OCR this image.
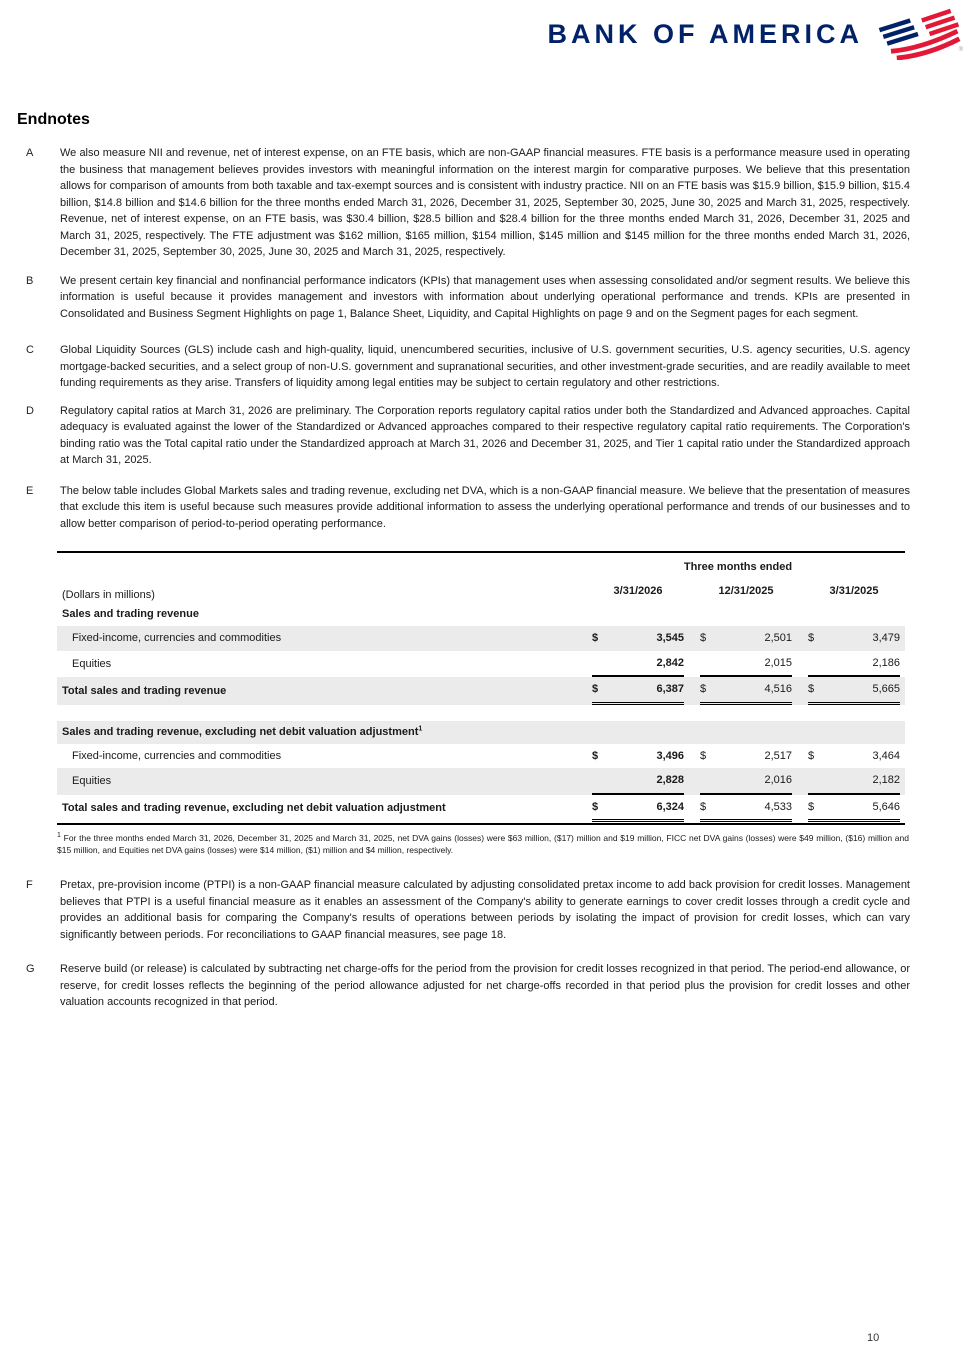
BANK OF AMERICA
®
Endnotes
A	We also measure NII and revenue, net of interest expense, on an FTE basis, which are non-GAAP financial measures. FTE basis is a performance measure used in operating the business that management believes provides investors with meaningful information on the interest margin for comparative purposes. We believe that this presentation allows for comparison of amounts from both taxable and tax-exempt sources and is consistent with industry practice. NII on an FTE basis was $15.9 billion, $15.9 billion, $15.4 billion, $14.8 billion and $14.6 billion for the three months ended March 31, 2026, December 31, 2025, September 30, 2025, June 30, 2025 and March 31, 2025, respectively. Revenue, net of interest expense, on an FTE basis, was $30.4 billion, $28.5 billion and $28.4 billion for the three months ended March 31, 2026, December 31, 2025 and March 31, 2025, respectively. The FTE adjustment was $162 million, $165 million, $154 million, $145 million and $145 million for the three months ended March 31, 2026, December 31, 2025, September 30, 2025, June 30, 2025 and March 31, 2025, respectively.
B	We present certain key financial and nonfinancial performance indicators (KPIs) that management uses when assessing consolidated and/or segment results. We believe this information is useful because it provides management and investors with information about underlying operational performance and trends. KPIs are presented in Consolidated and Business Segment Highlights on page 1, Balance Sheet, Liquidity, and Capital Highlights on page 9 and on the Segment pages for each segment.
C	Global Liquidity Sources (GLS) include cash and high-quality, liquid, unencumbered securities, inclusive of U.S. government securities, U.S. agency securities, U.S. agency mortgage-backed securities, and a select group of non-U.S. government and supranational securities, and other investment-grade securities, and are readily available to meet funding requirements as they arise. Transfers of liquidity among legal entities may be subject to certain regulatory and other restrictions.
D	Regulatory capital ratios at March 31, 2026 are preliminary. The Corporation reports regulatory capital ratios under both the Standardized and Advanced approaches. Capital adequacy is evaluated against the lower of the Standardized or Advanced approaches compared to their respective regulatory capital ratio requirements. The Corporation's binding ratio was the Total capital ratio under the Standardized approach at March 31, 2026 and December 31, 2025, and Tier 1 capital ratio under the Standardized approach at March 31, 2025.
E	The below table includes Global Markets sales and trading revenue, excluding net DVA, which is a non-GAAP financial measure. We believe that the presentation of measures that exclude this item is useful because such measures provide additional information to assess the underlying operational performance and trends of our businesses and to allow better comparison of period-to-period operating performance.
Three months ended
(Dollars in millions)	3/31/2026	12/31/2025	3/31/2025
Sales and trading revenue
Fixed-income, currencies and commodities	$	3,545 $	2,501 $	3,479
Equities	2,842	2,015	2,186
Total sales and trading revenue	$	6,387 $	4,516 $	5,665
Sales and trading revenue, excluding net debit valuation adjustment$^1$
Fixed-income, currencies and commodities	$	3,496 $	2,517 $	3,464
Equities	2,828	2,016	2,182
Total sales and trading revenue, excluding net debit valuation adjustment	$	6,324 $	4,533 $	5,646
$^1$ For the three months ended March 31, 2026, December 31, 2025 and March 31, 2025, net DVA gains (losses) were $63 million, ($17) million and $19 million, FICC net DVA gains (losses) were $49 million, ($16) million and $15 million, and Equities net DVA gains (losses) were $14 million, ($1) million and $4 million, respectively.
F	Pretax, pre-provision income (PTPI) is a non-GAAP financial measure calculated by adjusting consolidated pretax income to add back provision for credit losses. Management believes that PTPI is a useful financial measure as it enables an assessment of the Company's ability to generate earnings to cover credit losses through a credit cycle and provides an additional basis for comparing the Company's results of operations between periods by isolating the impact of provision for credit losses, which can vary significantly between periods. For reconciliations to GAAP financial measures, see page 18.
G	Reserve build (or release) is calculated by subtracting net charge-offs for the period from the provision for credit losses recognized in that period. The period-end allowance, or reserve, for credit losses reflects the beginning of the period allowance adjusted for net charge-offs recorded in that period plus the provision for credit losses and other valuation accounts recognized in that period.
10
